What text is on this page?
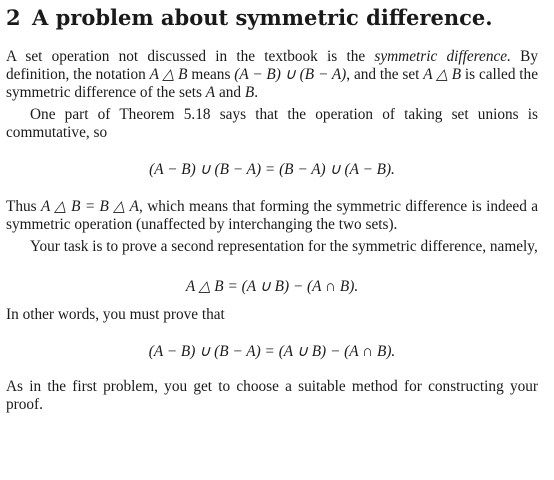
2 A problem about symmetric difference.

A set operation not discussed in the textbook is the symmetric difference. By definition, the notation A △ B means (A − B) ∪ (B − A), and the set A △ B is called the symmetric difference of the sets A and B.

One part of Theorem 5.18 says that the operation of taking set unions is commutative, so

(A − B) ∪ (B − A) = (B − A) ∪ (A − B).

Thus A △ B = B △ A, which means that forming the symmetric difference is indeed a symmetric operation (unaffected by interchanging the two sets).

Your task is to prove a second representation for the symmetric difference, namely,

A △ B = (A ∪ B) − (A ∩ B).

In other words, you must prove that

(A − B) ∪ (B − A) = (A ∪ B) − (A ∩ B).

As in the first problem, you get to choose a suitable method for constructing your proof.
